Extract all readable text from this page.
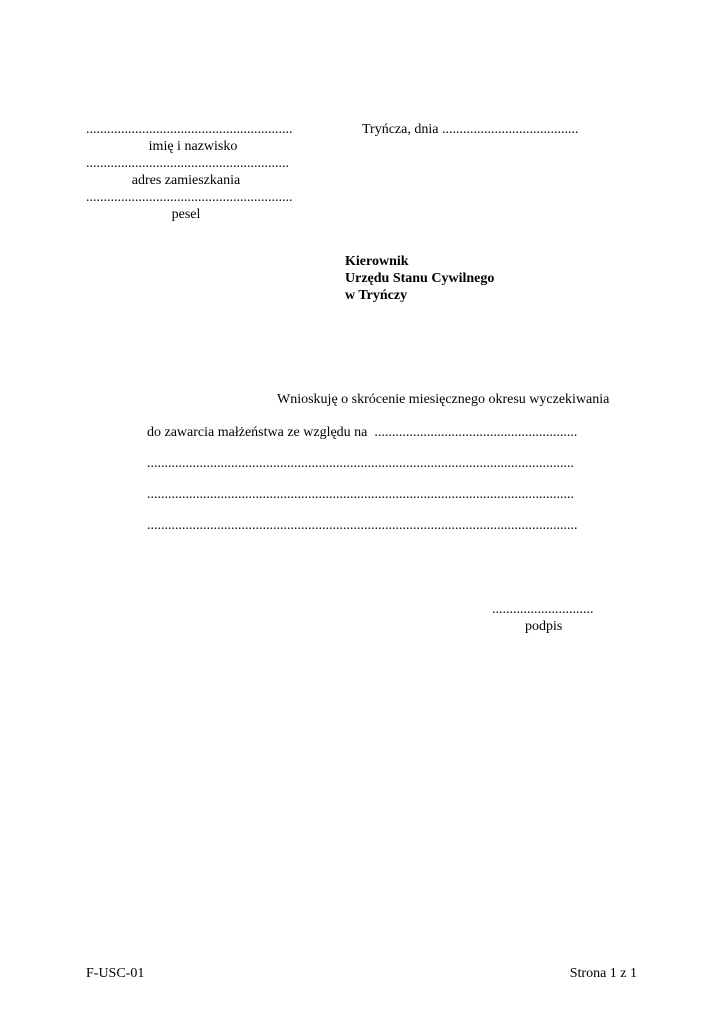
...........................................................
imię i nazwisko
..........................................................
adres zamieszkania
...........................................................
pesel
Tryńcza, dnia .......................................
Kierownik
Urzędu Stanu Cywilnego
w Tryńczy
Wnioskuję o skrócenie miesięcznego okresu wyczekiwania
do zawarcia małżeństwa ze względu na ..........................................................
..........................................................................................................................
..........................................................................................................................
...........................................................................................................................
.............................
podpis
F-USC-01	Strona 1 z 1
